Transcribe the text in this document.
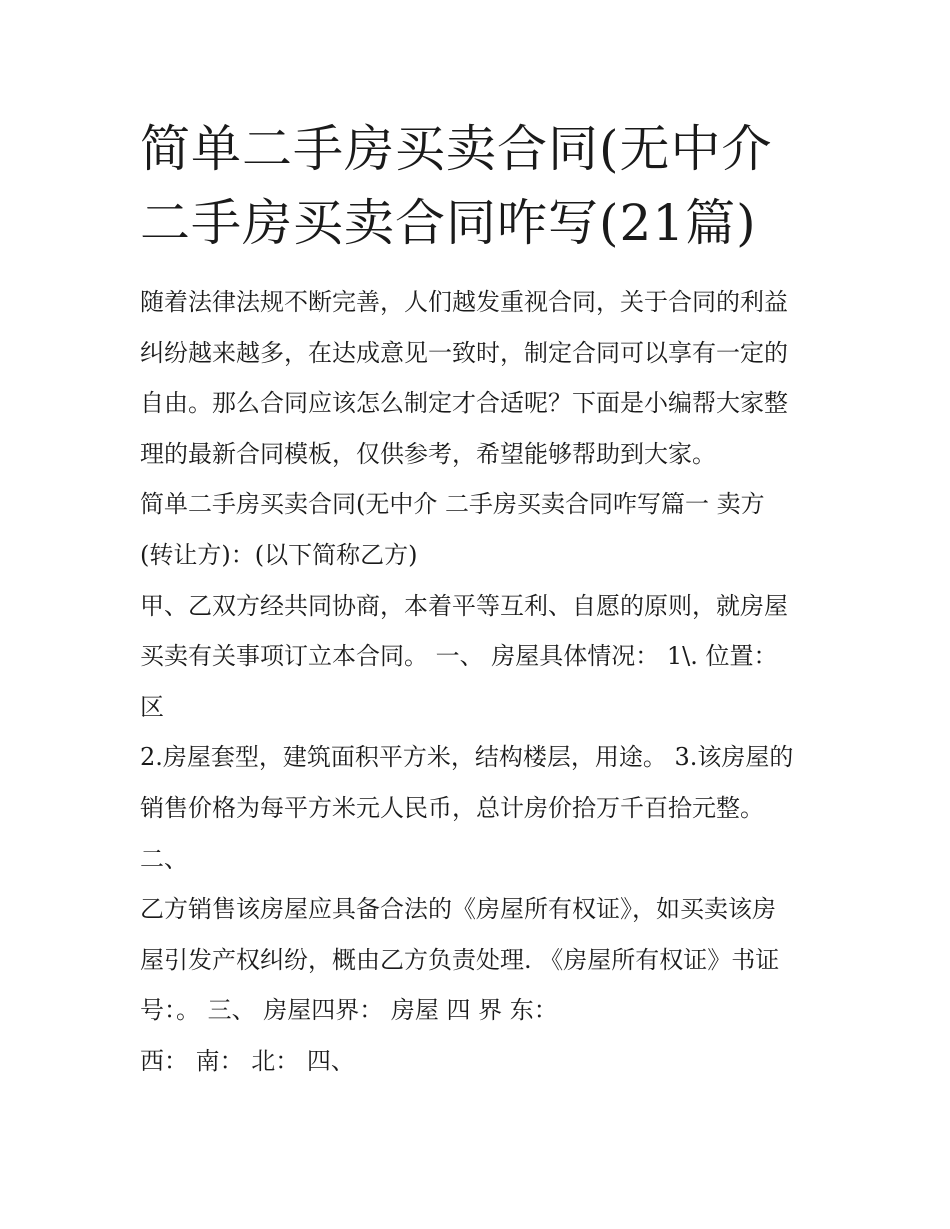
简单二手房买卖合同(无中介
二手房买卖合同咋写(21篇)
随着法律法规不断完善，人们越发重视合同，关于合同的利益
纠纷越来越多，在达成意见一致时，制定合同可以享有一定的
自由。那么合同应该怎么制定才合适呢？下面是小编帮大家整
理的最新合同模板，仅供参考，希望能够帮助到大家。
简单二手房买卖合同(无中介 二手房买卖合同咋写篇一 卖方
(转让方)：(以下简称乙方)
甲、乙双方经共同协商，本着平等互利、自愿的原则，就房屋
买卖有关事项订立本合同。 一、 房屋具体情况： 1\. 位置：
区
2.房屋套型，建筑面积平方米，结构楼层，用途。 3.该房屋的
销售价格为每平方米元人民币，总计房价拾万千百拾元整。
二、
乙方销售该房屋应具备合法的《房屋所有权证》，如买卖该房
屋引发产权纠纷，概由乙方负责处理. 《房屋所有权证》书证
号：。 三、 房屋四界： 房屋 四 界 东：
西： 南： 北： 四、
